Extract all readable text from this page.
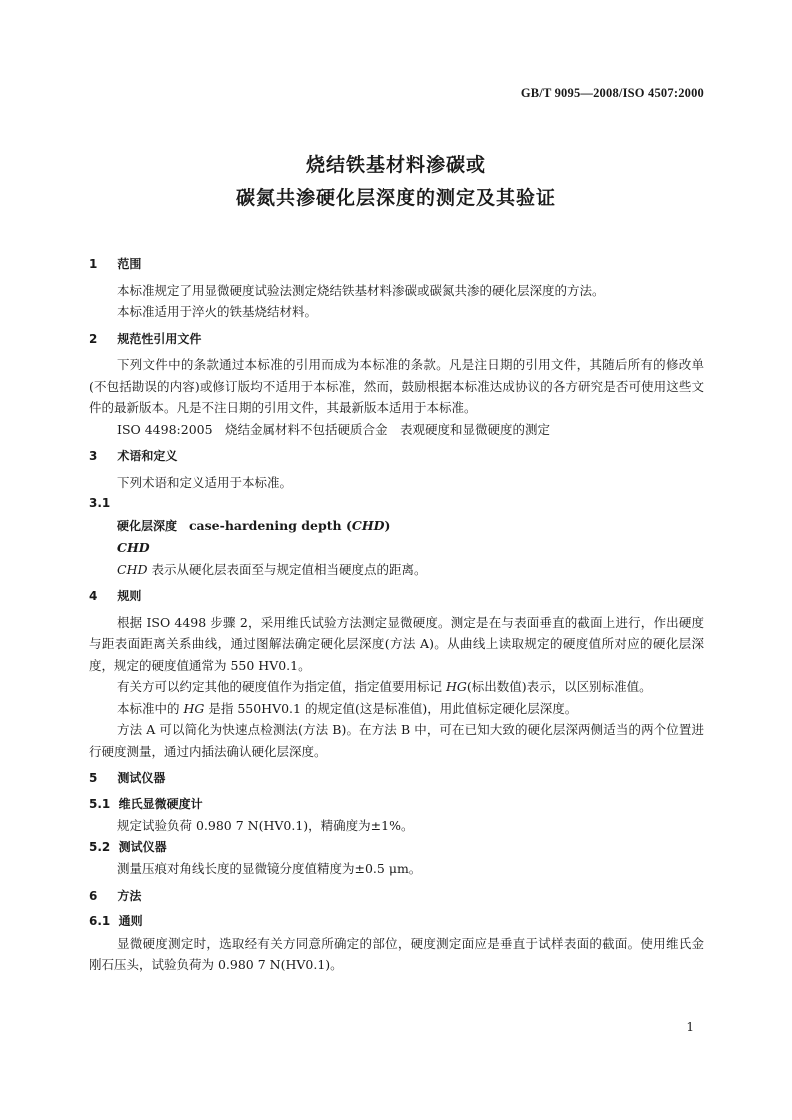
GB/T 9095—2008/ISO 4507:2000
烧结铁基材料渗碳或
碳氮共渗硬化层深度的测定及其验证

1 范围

本标准规定了用显微硬度试验法测定烧结铁基材料渗碳或碳氮共渗的硬化层深度的方法。

本标准适用于淬火的铁基烧结材料。

2 规范性引用文件

下列文件中的条款通过本标准的引用而成为本标准的条款。凡是注日期的引用文件，其随后所有的修改单(不包括勘误的内容)或修订版均不适用于本标准，然而，鼓励根据本标准达成协议的各方研究是否可使用这些文件的最新版本。凡是不注日期的引用文件，其最新版本适用于本标准。

ISO 4498:2005　烧结金属材料不包括硬质合金　表观硬度和显微硬度的测定

3 术语和定义

下列术语和定义适用于本标准。

3.1

硬化层深度 case-hardening depth (CHD)

CHD

CHD 表示从硬化层表面至与规定值相当硬度点的距离。

4 规则

根据 ISO 4498 步骤 2，采用维氏试验方法测定显微硬度。测定是在与表面垂直的截面上进行，作出硬度与距表面距离关系曲线，通过图解法确定硬化层深度(方法 A)。从曲线上读取规定的硬度值所对应的硬化层深度，规定的硬度值通常为 550 HV0.1。

有关方可以约定其他的硬度值作为指定值，指定值要用标记 HG(标出数值)表示，以区别标准值。

本标准中的 HG 是指 550HV0.1 的规定值(这是标准值)，用此值标定硬化层深度。

方法 A 可以简化为快速点检测法(方法 B)。在方法 B 中，可在已知大致的硬化层深两侧适当的两个位置进行硬度测量，通过内插法确认硬化层深度。

5 测试仪器

5.1 维氏显微硬度计

规定试验负荷 0.980 7 N(HV0.1)，精确度为±1%。

5.2 测试仪器

测量压痕对角线长度的显微镜分度值精度为±0.5 μm。

6 方法

6.1 通则

显微硬度测定时，选取经有关方同意所确定的部位，硬度测定面应是垂直于试样表面的截面。使用维氏金刚石压头，试验负荷为 0.980 7 N(HV0.1)。

1
